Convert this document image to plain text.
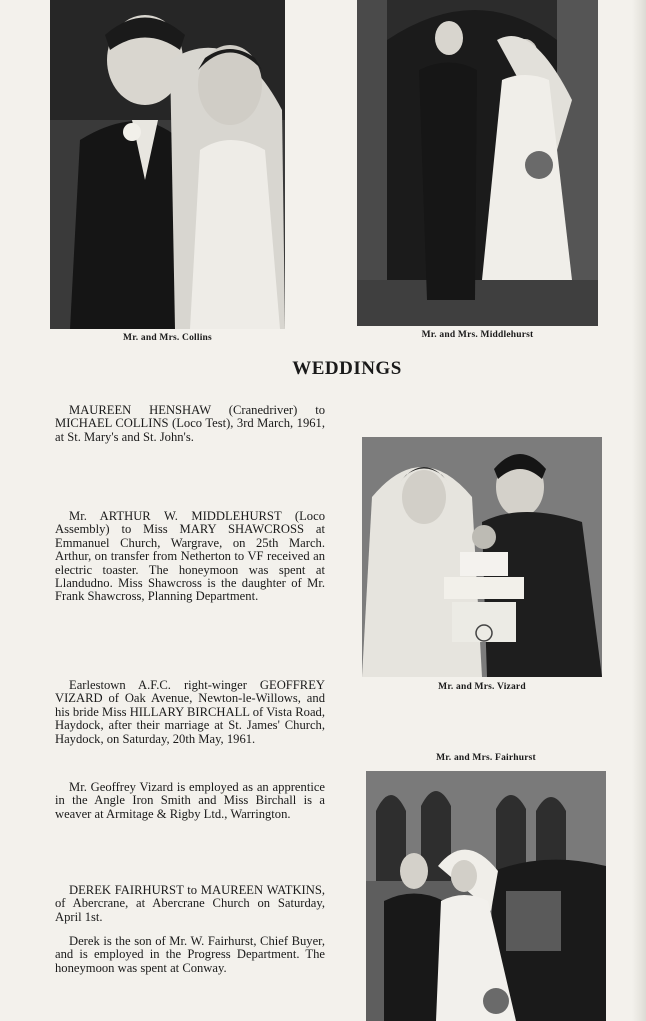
Mr. and Mrs. Collins	Mr. and Mrs. Middlehurst
WEDDINGS

MAUREEN HENSHAW (Cranedriver) to MICHAEL COLLINS (Loco Test), 3rd March, 1961, at St. Mary's and St. John's.

Mr. ARTHUR W. MIDDLEHURST (Loco Assembly) to Miss MARY SHAWCROSS at Emmanuel Church, Wargrave, on 25th March. Arthur, on transfer from Netherton to VF received an electric toaster. The honeymoon was spent at Llandudno. Miss Shawcross is the daughter of Mr. Frank Shawcross, Planning Department.

Mr. and Mrs. Vizard

Earlestown A.F.C. right-winger GEOFFREY VIZARD of Oak Avenue, Newton-le-Willows, and his bride Miss HILLARY BIRCHALL of Vista Road, Haydock, after their marriage at St. James' Church, Haydock, on Saturday, 20th May, 1961.

Mr. Geoffrey Vizard is employed as an apprentice in the Angle Iron Smith and Miss Birchall is a weaver at Armitage & Rigby Ltd., Warrington.

Mr. and Mrs. Fairhurst

DEREK FAIRHURST to MAUREEN WATKINS, of Abercrane, at Abercrane Church on Saturday, April 1st.

Derek is the son of Mr. W. Fairhurst, Chief Buyer, and is employed in the Progress Department. The honeymoon was spent at Conway.
